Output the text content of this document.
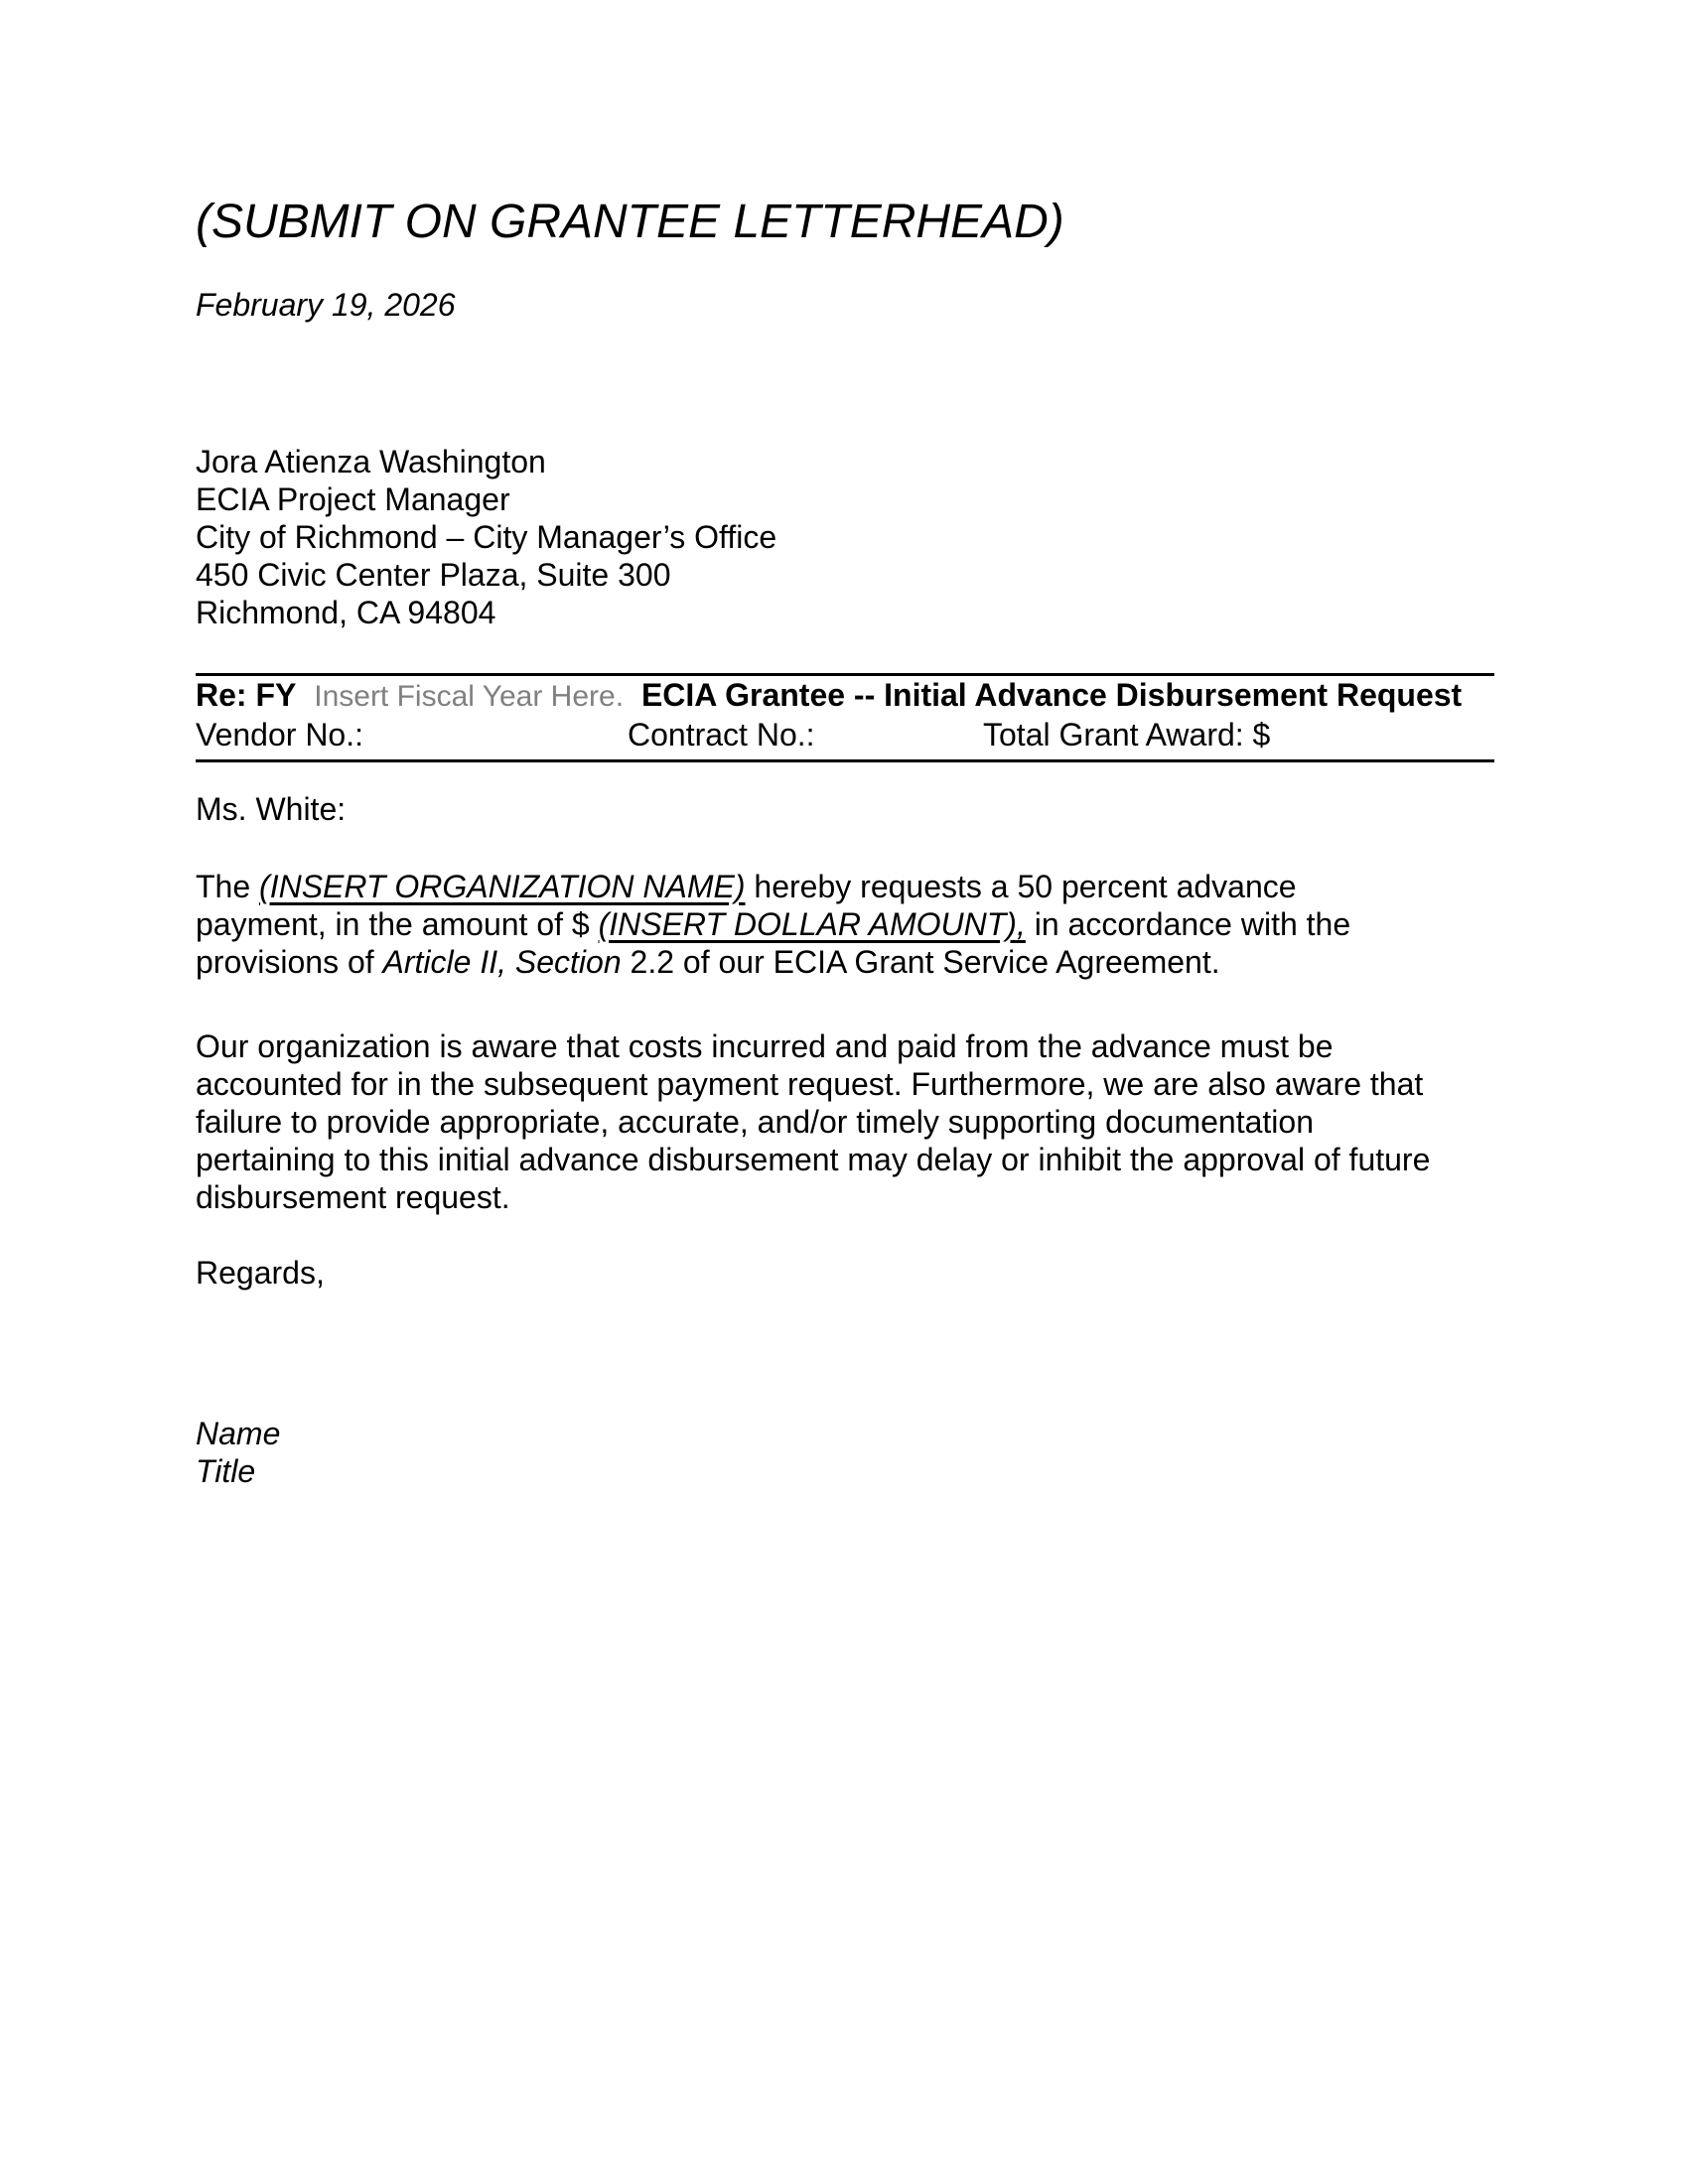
(SUBMIT ON GRANTEE LETTERHEAD)
February 19, 2026
Jora Atienza Washington
ECIA Project Manager
City of Richmond – City Manager’s Office
450 Civic Center Plaza, Suite 300
Richmond, CA 94804
Re: FY Insert Fiscal Year Here. ECIA Grantee -- Initial Advance Disbursement Request
Vendor No.:	Contract No.:	Total Grant Award: $
Ms. White:
The (INSERT ORGANIZATION NAME) hereby requests a 50 percent advance
payment, in the amount of $ (INSERT DOLLAR AMOUNT), in accordance with the
provisions of Article II, Section 2.2 of our ECIA Grant Service Agreement.
Our organization is aware that costs incurred and paid from the advance must be
accounted for in the subsequent payment request. Furthermore, we are also aware that
failure to provide appropriate, accurate, and/or timely supporting documentation
pertaining to this initial advance disbursement may delay or inhibit the approval of future
disbursement request.
Regards,
Name
Title
